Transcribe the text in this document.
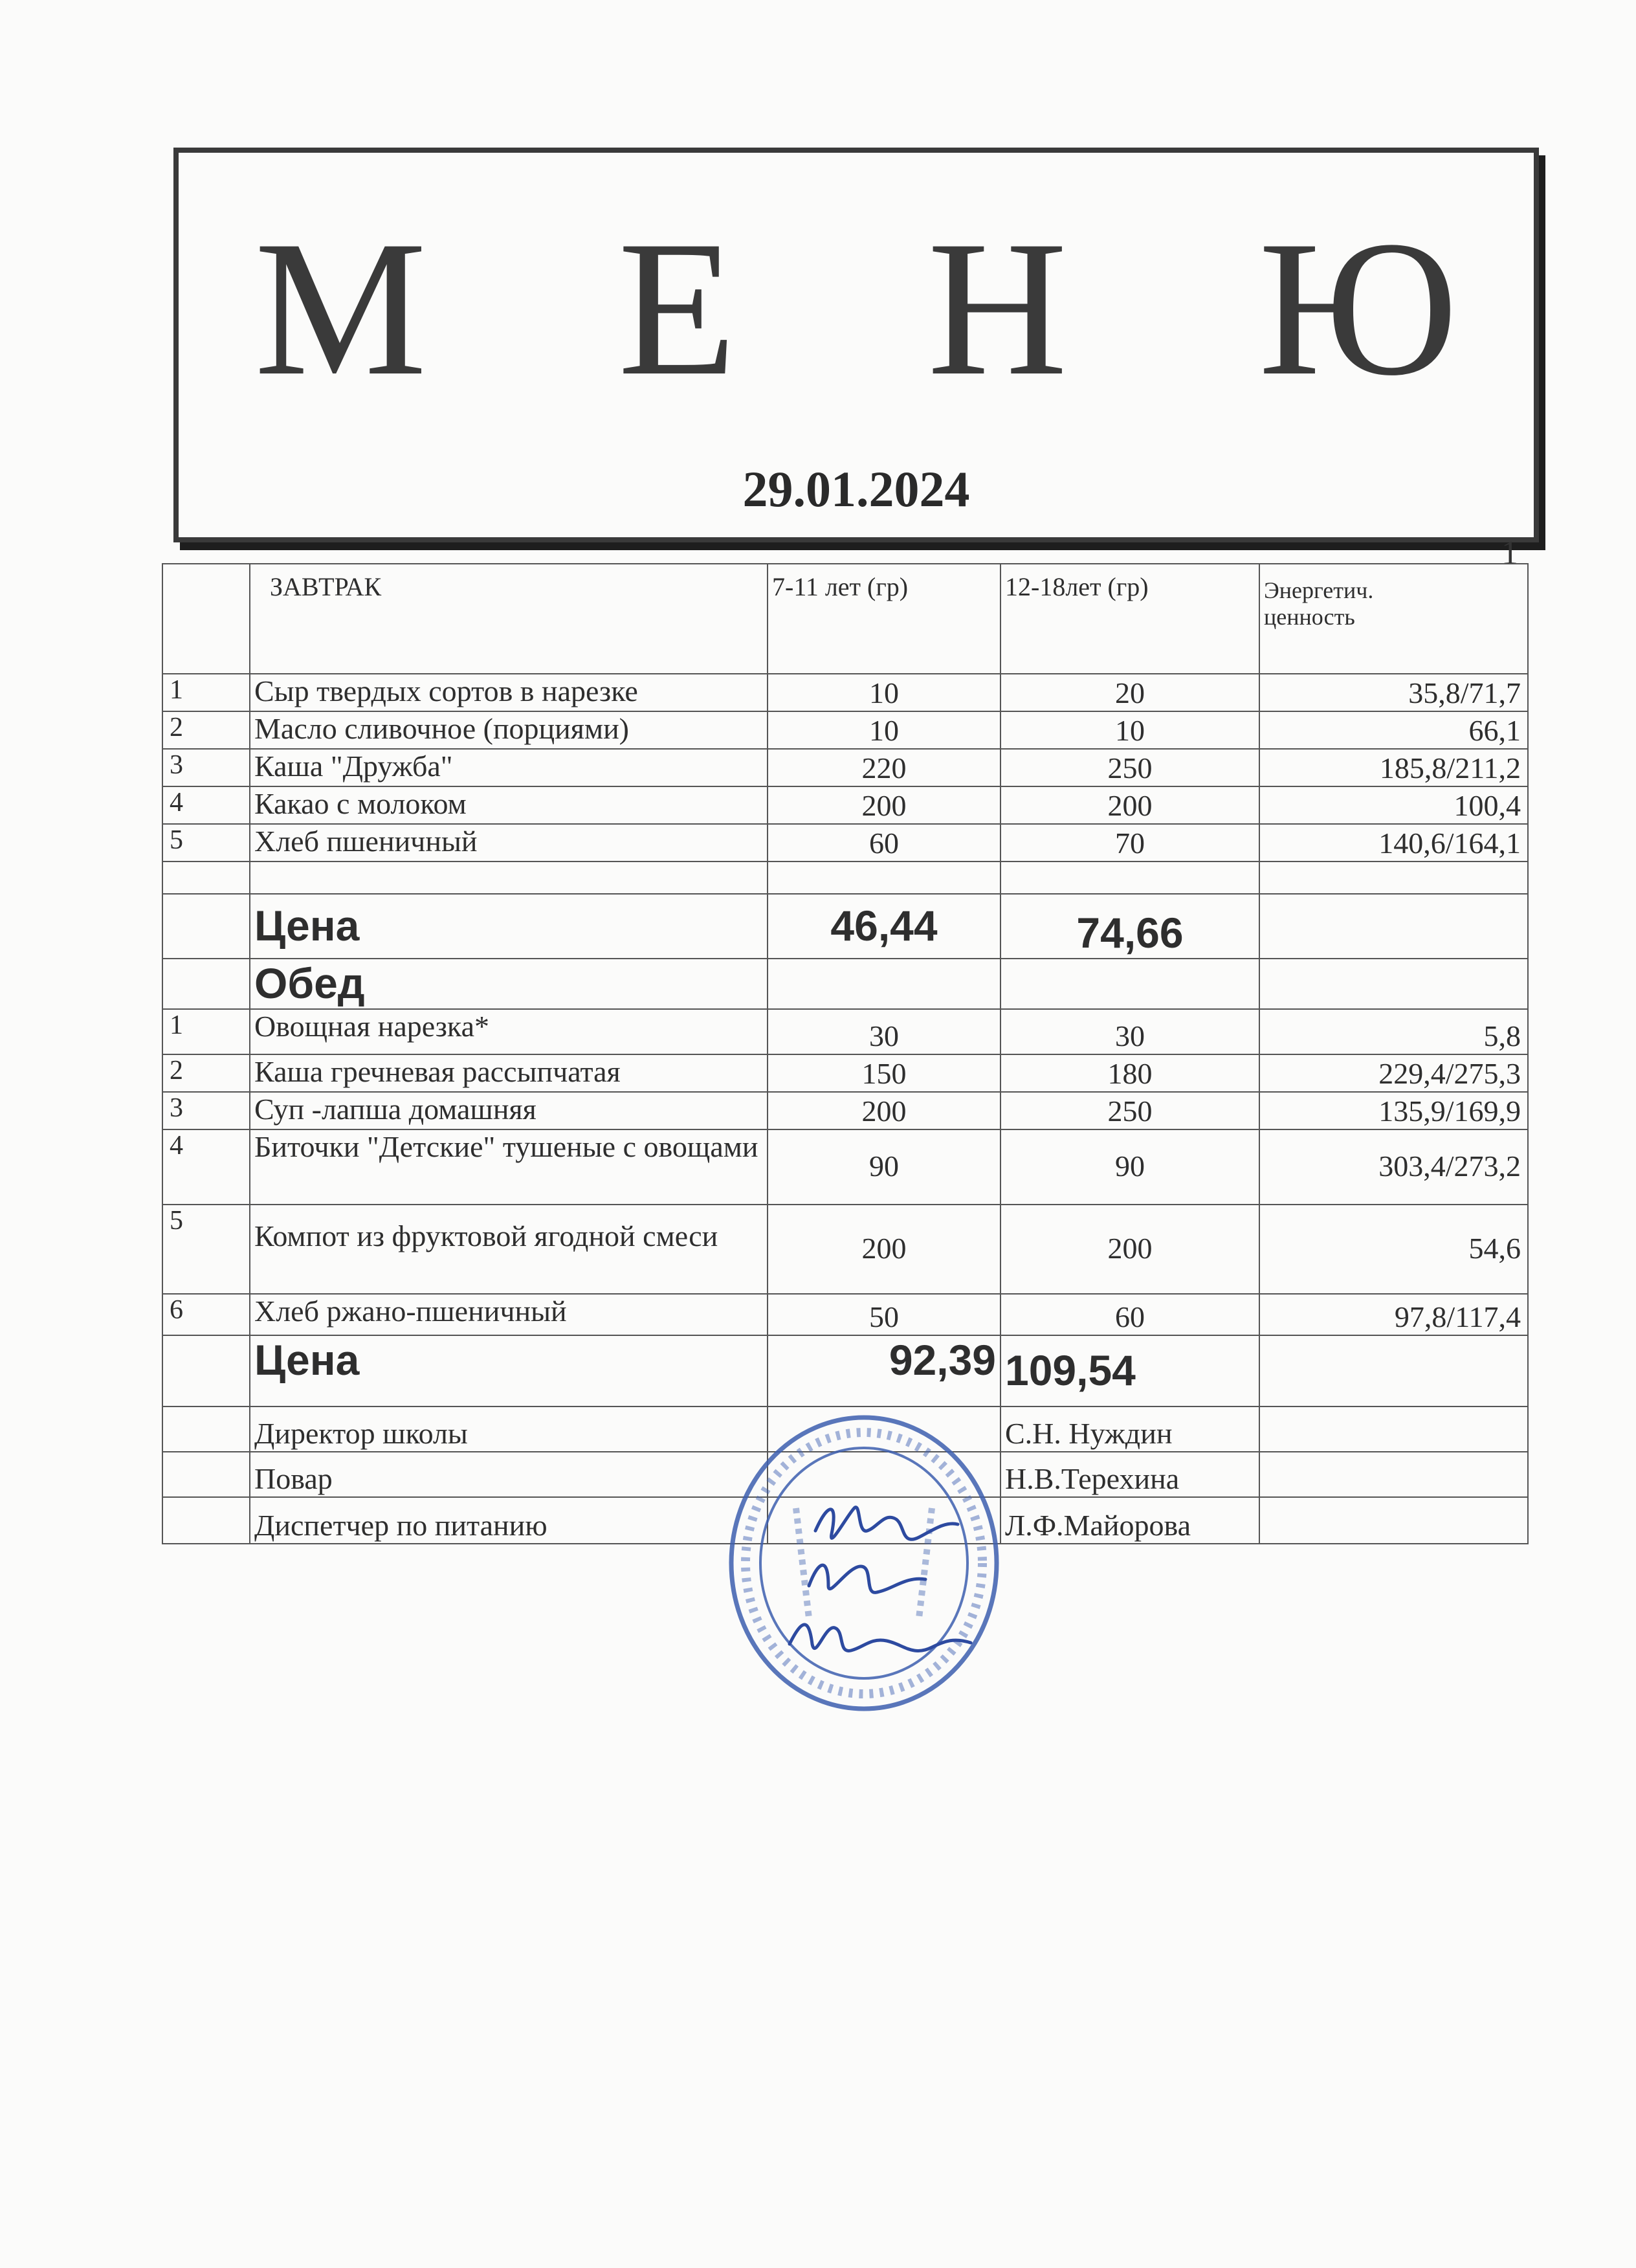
М Е Н Ю
29.01.2024
1
	ЗАВТРАК	7-11 лет (гр)	12-18лет (гр)	Энергетич. ценность
1	Сыр твердых сортов в нарезке	10	20	35,8/71,7
2	Масло сливочное (порциями)	10	10	66,1
3	Каша "Дружба"	220	250	185,8/211,2
4	Какао с молоком	200	200	100,4
5	Хлеб пшеничный	60	70	140,6/164,1

	Цена	46,44	74,66	
	Обед			
1	Овощная нарезка*	30	30	5,8
2	Каша гречневая рассыпчатая	150	180	229,4/275,3
3	Суп -лапша домашняя	200	250	135,9/169,9
4	Биточки "Детские" тушеные с овощами	90	90	303,4/273,2
5	Компот из фруктовой ягодной смеси	200	200	54,6
6	Хлеб ржано-пшеничный	50	60	97,8/117,4
	Цена	92,39	109,54	
	Директор школы		С.Н. Нуждин	
	Повар		Н.В.Терехина	
	Диспетчер по питанию		Л.Ф.Майорова	
